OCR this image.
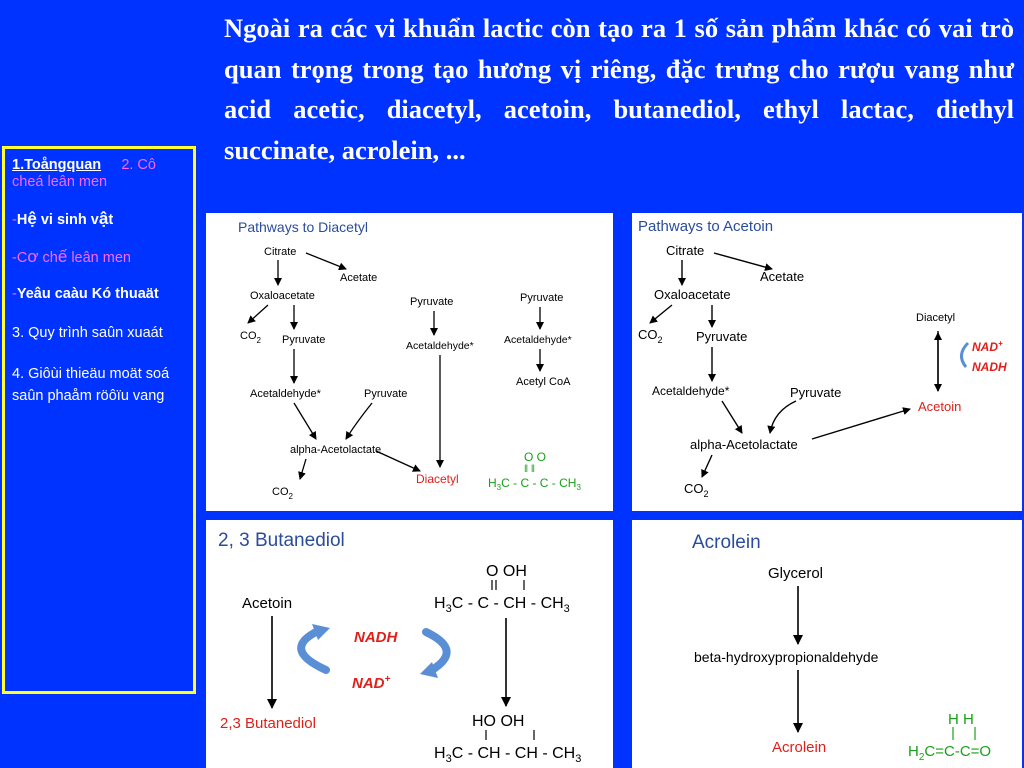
Ngoài ra các vi khuẩn lactic còn tạo ra 1 số sản phẩm khác có vai trò quan trọng trong tạo hương vị riêng, đặc trưng cho rượu vang như acid acetic, diacetyl, acetoin, butanediol, ethyl lactac, diethyl succinate, acrolein, ...
1.Toångquan 2. Cô cheá leân men
-Hệ vi sinh vật
-Cơ chế leân men
-Yeâu caàu Kó thuaät
3. Quy trình saûn xuaát
4. Giôùi thieäu moät soá saûn phaåm röôïu vang
Pathways to Diacetyl
Citrate
Acetate
Oxaloacetate
$CO_2$ Pyruvate
Acetaldehyde*	Pyruvate
alpha-Acetolactate
$CO_2$
Pyruvate
Acetaldehyde*
Diacetyl
Pyruvate
Acetaldehyde*
Acetyl CoA
O O
‖ ‖
$H_3C$ - C - C - $CH_3$
Pathways to Acetoin
Citrate
Acetate
Oxaloacetate
$CO_2$	Pyruvate
Acetaldehyde*	Pyruvate
alpha-Acetolactate
$CO_2$
Diacetyl
NAD+
NADH
Acetoin
2, 3 Butanediol
Acetoin
NADH
NAD+
2,3 Butanediol
O OH
$H_3C$ - C - CH - $CH_3$
HO OH
$H_3C$ - CH - CH - $CH_3$
Acrolein
Glycerol
beta-hydroxypropionaldehyde
Acrolein
H H
$H_2C=C-C=O$
